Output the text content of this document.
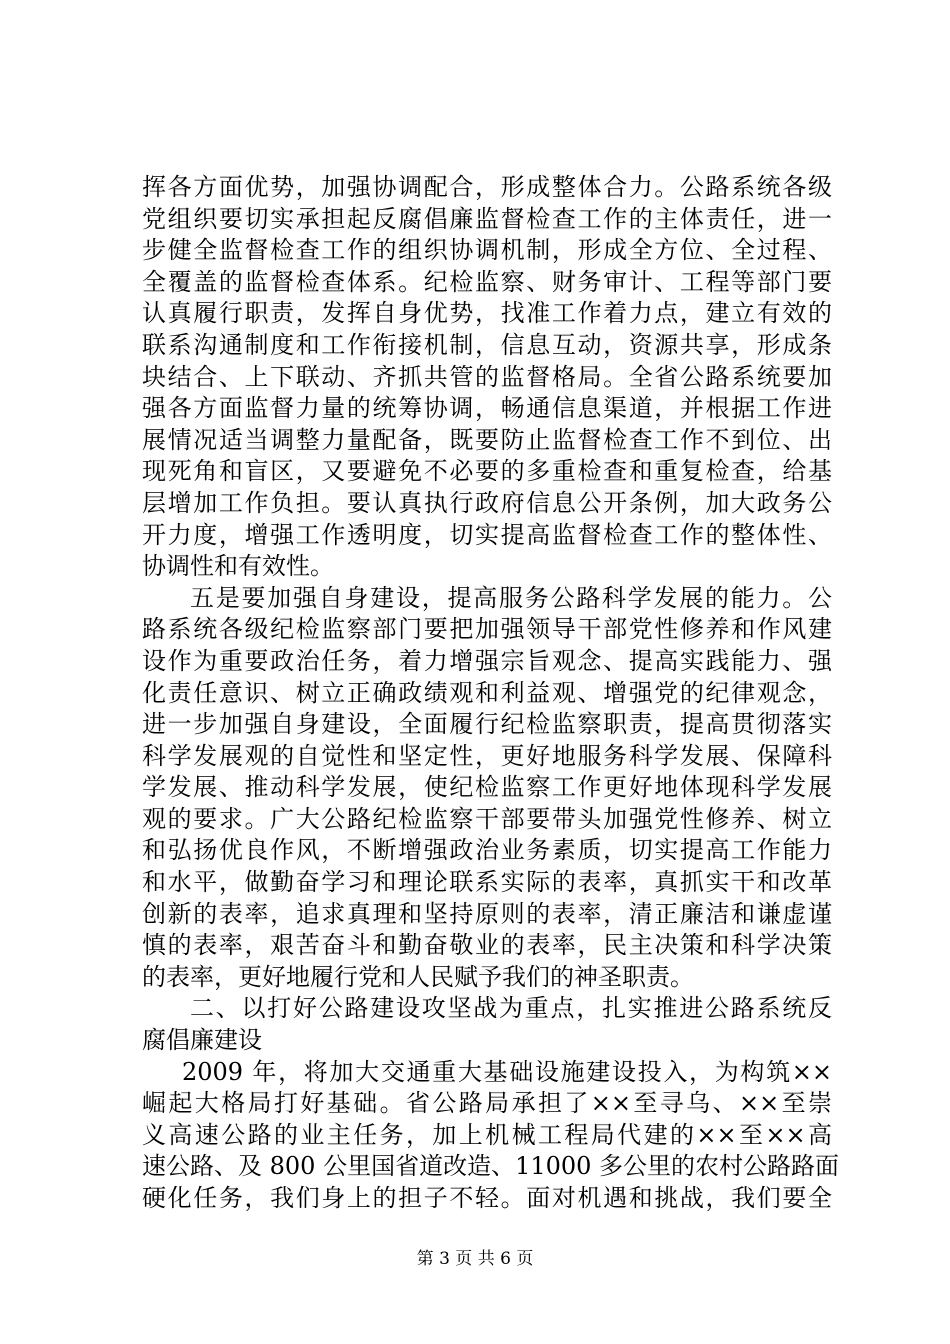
挥各方面优势，加强协调配合，形成整体合力。公路系统各级
党组织要切实承担起反腐倡廉监督检查工作的主体责任，进一
步健全监督检查工作的组织协调机制，形成全方位、全过程、
全覆盖的监督检查体系。纪检监察、财务审计、工程等部门要
认真履行职责，发挥自身优势，找准工作着力点，建立有效的
联系沟通制度和工作衔接机制，信息互动，资源共享，形成条
块结合、上下联动、齐抓共管的监督格局。全省公路系统要加
强各方面监督力量的统筹协调，畅通信息渠道，并根据工作进
展情况适当调整力量配备，既要防止监督检查工作不到位、出
现死角和盲区，又要避免不必要的多重检查和重复检查，给基
层增加工作负担。要认真执行政府信息公开条例，加大政务公
开力度，增强工作透明度，切实提高监督检查工作的整体性、
协调性和有效性。
五是要加强自身建设，提高服务公路科学发展的能力。公
路系统各级纪检监察部门要把加强领导干部党性修养和作风建
设作为重要政治任务，着力增强宗旨观念、提高实践能力、强
化责任意识、树立正确政绩观和利益观、增强党的纪律观念，
进一步加强自身建设，全面履行纪检监察职责，提高贯彻落实
科学发展观的自觉性和坚定性，更好地服务科学发展、保障科
学发展、推动科学发展，使纪检监察工作更好地体现科学发展
观的要求。广大公路纪检监察干部要带头加强党性修养、树立
和弘扬优良作风，不断增强政治业务素质，切实提高工作能力
和水平，做勤奋学习和理论联系实际的表率，真抓实干和改革
创新的表率，追求真理和坚持原则的表率，清正廉洁和谦虚谨
慎的表率，艰苦奋斗和勤奋敬业的表率，民主决策和科学决策
的表率，更好地履行党和人民赋予我们的神圣职责。
二、以打好公路建设攻坚战为重点，扎实推进公路系统反
腐倡廉建设
2009 年，将加大交通重大基础设施建设投入，为构筑××
崛起大格局打好基础。省公路局承担了××至寻乌、××至崇
义高速公路的业主任务，加上机械工程局代建的××至××高
速公路、及 800 公里国省道改造、11000 多公里的农村公路路面
硬化任务，我们身上的担子不轻。面对机遇和挑战，我们要全
第 3 页 共 6 页
